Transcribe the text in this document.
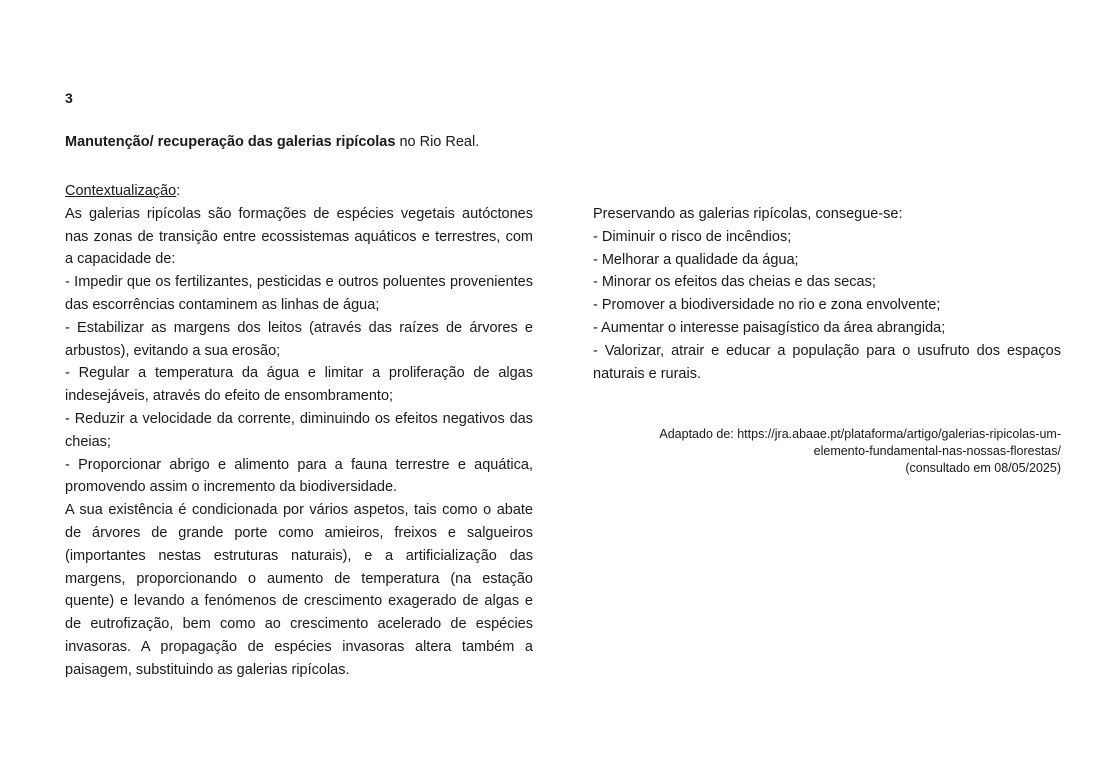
3
Manutenção/ recuperação das galerias ripícolas no Rio Real.

Contextualização:

As galerias ripícolas são formações de espécies vegetais autóctones nas zonas de transição entre ecossistemas aquáticos e terrestres, com a capacidade de:

- Impedir que os fertilizantes, pesticidas e outros poluentes provenientes das escorrências contaminem as linhas de água;

- Estabilizar as margens dos leitos (através das raízes de árvores e arbustos), evitando a sua erosão;

- Regular a temperatura da água e limitar a proliferação de algas indesejáveis, através do efeito de ensombramento;

- Reduzir a velocidade da corrente, diminuindo os efeitos negativos das cheias;

- Proporcionar abrigo e alimento para a fauna terrestre e aquática, promovendo assim o incremento da biodiversidade.

A sua existência é condicionada por vários aspetos, tais como o abate de árvores de grande porte como amieiros, freixos e salgueiros (importantes nestas estruturas naturais), e a artificialização das margens, proporcionando o aumento de temperatura (na estação quente) e levando a fenómenos de crescimento exagerado de algas e de eutrofização, bem como ao crescimento acelerado de espécies invasoras. A propagação de espécies invasoras altera também a paisagem, substituindo as galerias ripícolas.

Preservando as galerias ripícolas, consegue-se:

- Diminuir o risco de incêndios;

- Melhorar a qualidade da água;

- Minorar os efeitos das cheias e das secas;

- Promover a biodiversidade no rio e zona envolvente;

- Aumentar o interesse paisagístico da área abrangida;

- Valorizar, atrair e educar a população para o usufruto dos espaços naturais e rurais.

Adaptado de: https://jra.abaae.pt/plataforma/artigo/galerias-ripicolas-um-
elemento-fundamental-nas-nossas-florestas/
(consultado em 08/05/2025)
